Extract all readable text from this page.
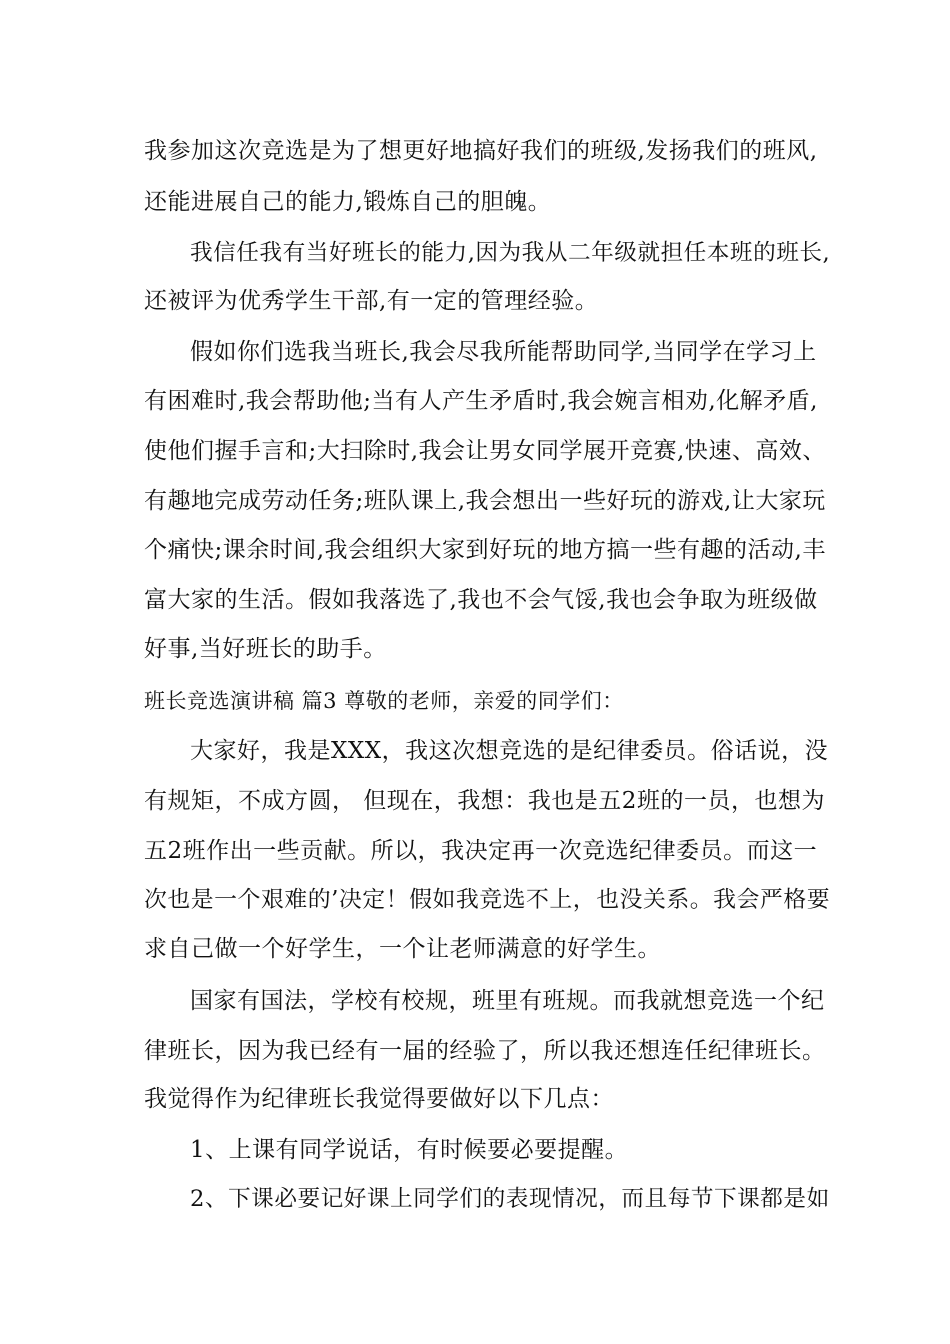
我参加这次竞选是为了想更好地搞好我们的班级,发扬我们的班风,
还能进展自己的能力,锻炼自己的胆魄。
我信任我有当好班长的能力,因为我从二年级就担任本班的班长,
还被评为优秀学生干部,有一定的管理经验。
假如你们选我当班长,我会尽我所能帮助同学,当同学在学习上
有困难时,我会帮助他;当有人产生矛盾时,我会婉言相劝,化解矛盾,
使他们握手言和;大扫除时,我会让男女同学展开竞赛,快速、高效、
有趣地完成劳动任务;班队课上,我会想出一些好玩的游戏,让大家玩
个痛快;课余时间,我会组织大家到好玩的地方搞一些有趣的活动,丰
富大家的生活。假如我落选了,我也不会气馁,我也会争取为班级做
好事,当好班长的助手。
班长竞选演讲稿 篇3 尊敬的老师，亲爱的同学们：
大家好，我是XXX，我这次想竞选的是纪律委员。俗话说，没
有规矩，不成方圆， 但现在，我想：我也是五2班的一员，也想为
五2班作出一些贡献。所以，我决定再一次竞选纪律委员。而这一
次也是一个艰难的’决定！假如我竞选不上，也没关系。我会严格要
求自己做一个好学生，一个让老师满意的好学生。
国家有国法，学校有校规，班里有班规。而我就想竞选一个纪
律班长，因为我已经有一届的经验了，所以我还想连任纪律班长。
我觉得作为纪律班长我觉得要做好以下几点：
1、上课有同学说话，有时候要必要提醒。
2、下课必要记好课上同学们的表现情况，而且每节下课都是如
